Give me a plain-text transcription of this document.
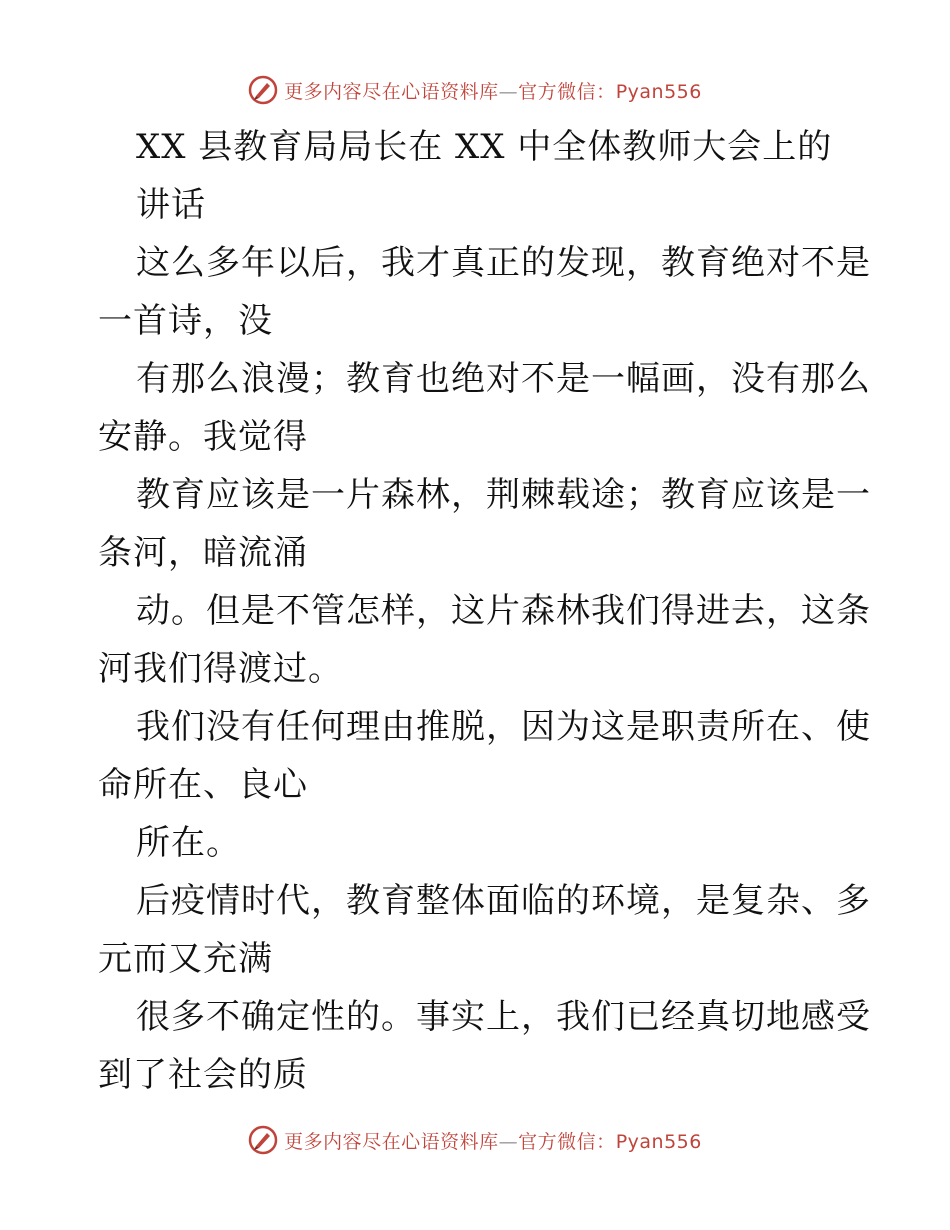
更多内容尽在心语资料库—官方微信：Pyan556
XX 县教育局局长在 XX 中全体教师大会上的
讲话
这么多年以后，我才真正的发现，教育绝对不是
一首诗，没
有那么浪漫；教育也绝对不是一幅画，没有那么
安静。我觉得
教育应该是一片森林，荆棘载途；教育应该是一
条河，暗流涌
动。但是不管怎样，这片森林我们得进去，这条
河我们得渡过。
我们没有任何理由推脱，因为这是职责所在、使
命所在、良心
所在。
后疫情时代，教育整体面临的环境，是复杂、多
元而又充满
很多不确定性的。事实上，我们已经真切地感受
到了社会的质
更多内容尽在心语资料库—官方微信：Pyan556
